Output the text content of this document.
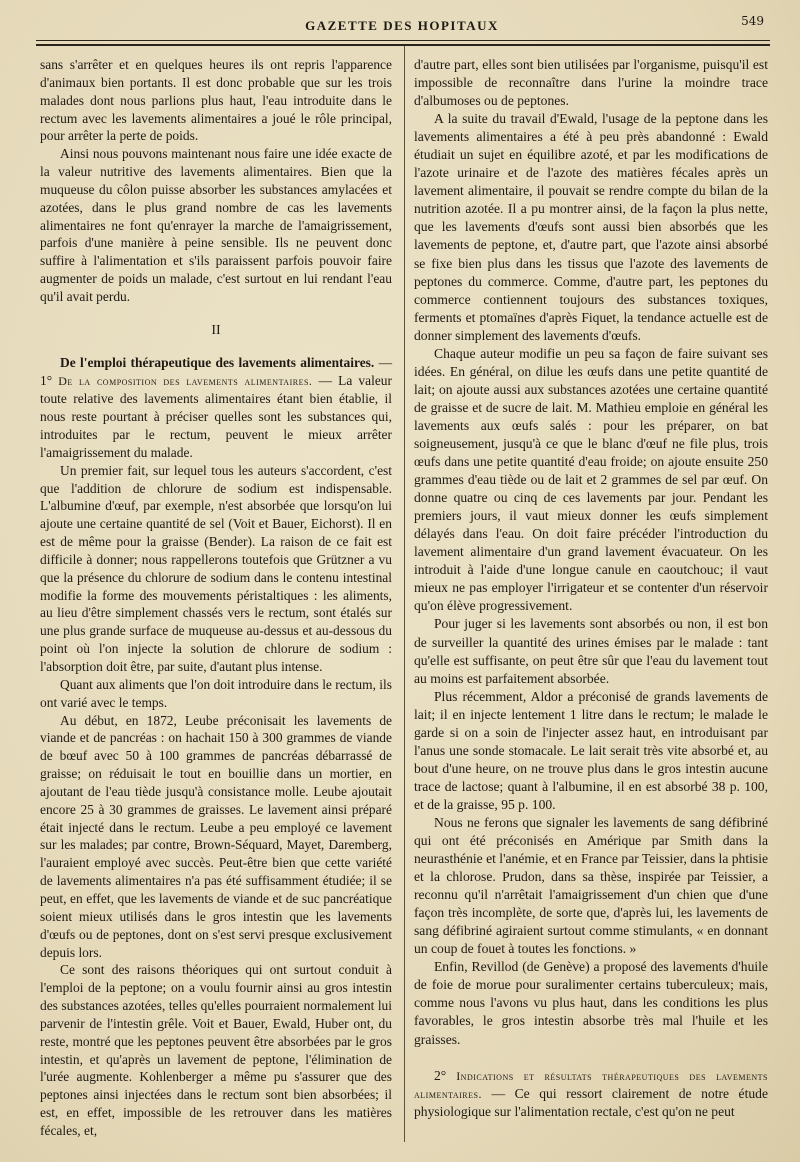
GAZETTE DES HOPITAUX	549

sans s'arrêter et en quelques heures ils ont repris l'apparence d'animaux bien portants. Il est donc probable que sur les trois malades dont nous parlions plus haut, l'eau introduite dans le rectum avec les lavements alimentaires a joué le rôle principal, pour arrêter la perte de poids.

Ainsi nous pouvons maintenant nous faire une idée exacte de la valeur nutritive des lavements alimentaires. Bien que la muqueuse du côlon puisse absorber les substances amylacées et azotées, dans le plus grand nombre de cas les lavements alimentaires ne font qu'enrayer la marche de l'amaigrissement, parfois d'une manière à peine sensible. Ils ne peuvent donc suffire à l'alimentation et s'ils paraissent parfois pouvoir faire augmenter de poids un malade, c'est surtout en lui rendant l'eau qu'il avait perdu.

II

De l'emploi thérapeutique des lavements alimentaires. — 1° De la composition des lavements alimentaires. — La valeur toute relative des lavements alimentaires étant bien établie, il nous reste pourtant à préciser quelles sont les substances qui, introduites par le rectum, peuvent le mieux arrêter l'amaigrissement du malade.

Un premier fait, sur lequel tous les auteurs s'accordent, c'est que l'addition de chlorure de sodium est indispensable. L'albumine d'œuf, par exemple, n'est absorbée que lorsqu'on lui ajoute une certaine quantité de sel (Voit et Bauer, Eichorst). Il en est de même pour la graisse (Bender). La raison de ce fait est difficile à donner; nous rappellerons toutefois que Grützner a vu que la présence du chlorure de sodium dans le contenu intestinal modifie la forme des mouvements péristaltiques : les aliments, au lieu d'être simplement chassés vers le rectum, sont étalés sur une plus grande surface de muqueuse au-dessus et au-dessous du point où l'on injecte la solution de chlorure de sodium : l'absorption doit être, par suite, d'autant plus intense.

Quant aux aliments que l'on doit introduire dans le rectum, ils ont varié avec le temps.

Au début, en 1872, Leube préconisait les lavements de viande et de pancréas : on hachait 150 à 300 grammes de viande de bœuf avec 50 à 100 grammes de pancréas débarrassé de graisse; on réduisait le tout en bouillie dans un mortier, en ajoutant de l'eau tiède jusqu'à consistance molle. Leube ajoutait encore 25 à 30 grammes de graisses. Le lavement ainsi préparé était injecté dans le rectum. Leube a peu employé ce lavement sur les malades; par contre, Brown-Séquard, Mayet, Daremberg, l'auraient employé avec succès. Peut-être bien que cette variété de lavements alimentaires n'a pas été suffisamment étudiée; il se peut, en effet, que les lavements de viande et de suc pancréatique soient mieux utilisés dans le gros intestin que les lavements d'œufs ou de peptones, dont on s'est servi presque exclusivement depuis lors.

Ce sont des raisons théoriques qui ont surtout conduit à l'emploi de la peptone; on a voulu fournir ainsi au gros intestin des substances azotées, telles qu'elles pourraient normalement lui parvenir de l'intestin grêle. Voit et Bauer, Ewald, Huber ont, du reste, montré que les peptones peuvent être absorbées par le gros intestin, et qu'après un lavement de peptone, l'élimination de l'urée augmente. Kohlenberger a même pu s'assurer que des peptones ainsi injectées dans le rectum sont bien absorbées; il est, en effet, impossible de les retrouver dans les matières fécales, et,

d'autre part, elles sont bien utilisées par l'organisme, puisqu'il est impossible de reconnaître dans l'urine la moindre trace d'albumoses ou de peptones.

A la suite du travail d'Ewald, l'usage de la peptone dans les lavements alimentaires a été à peu près abandonné : Ewald étudiait un sujet en équilibre azoté, et par les modifications de l'azote urinaire et de l'azote des matières fécales après un lavement alimentaire, il pouvait se rendre compte du bilan de la nutrition azotée. Il a pu montrer ainsi, de la façon la plus nette, que les lavements d'œufs sont aussi bien absorbés que les lavements de peptone, et, d'autre part, que l'azote ainsi absorbé se fixe bien plus dans les tissus que l'azote des lavements de peptones du commerce. Comme, d'autre part, les peptones du commerce contiennent toujours des substances toxiques, ferments et ptomaïnes d'après Fiquet, la tendance actuelle est de donner simplement des lavements d'œufs.

Chaque auteur modifie un peu sa façon de faire suivant ses idées. En général, on dilue les œufs dans une petite quantité de lait; on ajoute aussi aux substances azotées une certaine quantité de graisse et de sucre de lait. M. Mathieu emploie en général les lavements aux œufs salés : pour les préparer, on bat soigneusement, jusqu'à ce que le blanc d'œuf ne file plus, trois œufs dans une petite quantité d'eau froide; on ajoute ensuite 250 grammes d'eau tiède ou de lait et 2 grammes de sel par œuf. On donne quatre ou cinq de ces lavements par jour. Pendant les premiers jours, il vaut mieux donner les œufs simplement délayés dans l'eau. On doit faire précéder l'introduction du lavement alimentaire d'un grand lavement évacuateur. On les introduit à l'aide d'une longue canule en caoutchouc; il vaut mieux ne pas employer l'irrigateur et se contenter d'un réservoir qu'on élève progressivement.

Pour juger si les lavements sont absorbés ou non, il est bon de surveiller la quantité des urines émises par le malade : tant qu'elle est suffisante, on peut être sûr que l'eau du lavement tout au moins est parfaitement absorbée.

Plus récemment, Aldor a préconisé de grands lavements de lait; il en injecte lentement 1 litre dans le rectum; le malade le garde si on a soin de l'injecter assez haut, en introduisant par l'anus une sonde stomacale. Le lait serait très vite absorbé et, au bout d'une heure, on ne trouve plus dans le gros intestin aucune trace de lactose; quant à l'albumine, il en est absorbé 38 p. 100, et de la graisse, 95 p. 100.

Nous ne ferons que signaler les lavements de sang défibriné qui ont été préconisés en Amérique par Smith dans la neurasthénie et l'anémie, et en France par Teissier, dans la phtisie et la chlorose. Prudon, dans sa thèse, inspirée par Teissier, a reconnu qu'il n'arrêtait l'amaigrissement d'un chien que d'une façon très incomplète, de sorte que, d'après lui, les lavements de sang défibriné agiraient surtout comme stimulants, « en donnant un coup de fouet à toutes les fonctions. »

Enfin, Revillod (de Genève) a proposé des lavements d'huile de foie de morue pour suralimenter certains tuberculeux; mais, comme nous l'avons vu plus haut, dans les conditions les plus favorables, le gros intestin absorbe très mal l'huile et les graisses.

2° Indications et résultats thérapeutiques des lavements alimentaires. — Ce qui ressort clairement de notre étude physiologique sur l'alimentation rectale, c'est qu'on ne peut
